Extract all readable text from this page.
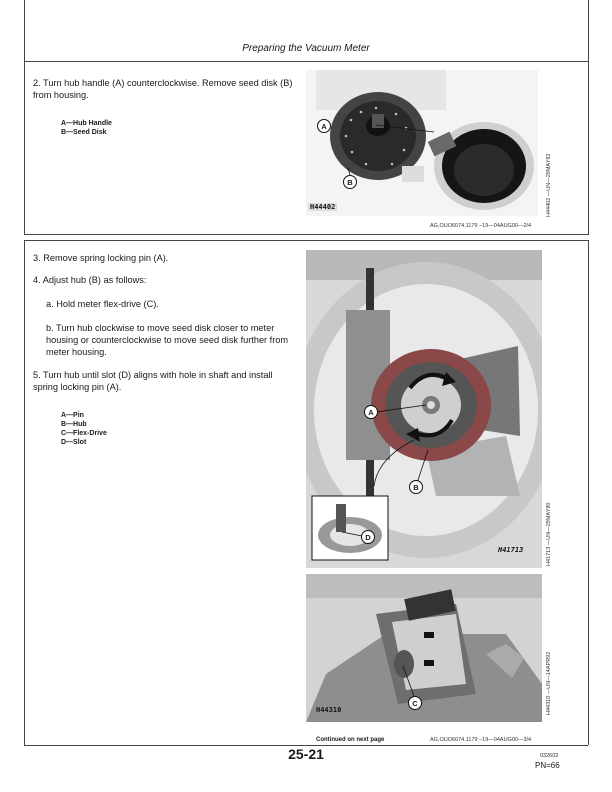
Preparing the Vacuum Meter
2. Turn hub handle (A) counterclockwise. Remove seed disk (B) from housing.
A—Hub Handle
B—Seed Disk
A
B
H44402	H44402 —UN—29MAY92
AG,OUO6074,1179 –19—04AUG00—2/4
3. Remove spring locking pin (A).
4. Adjust hub (B) as follows:
a. Hold meter flex-drive (C).
b. Turn hub clockwise to move seed disk closer to meter housing or counterclockwise to move seed disk further from meter housing.
5. Turn hub until slot (D) aligns with hole in shaft and install spring locking pin (A).
A—Pin
B—Hub
C—Flex-Drive
D—Slot
A
B
D
H41713	H41713 —UN—29MAY90
C
H44310	H44310 —UN—14APR92
Continued on next page	AG,OUO6074,1179 –19—04AUG00—3/4
25-21	032602
PN=66
